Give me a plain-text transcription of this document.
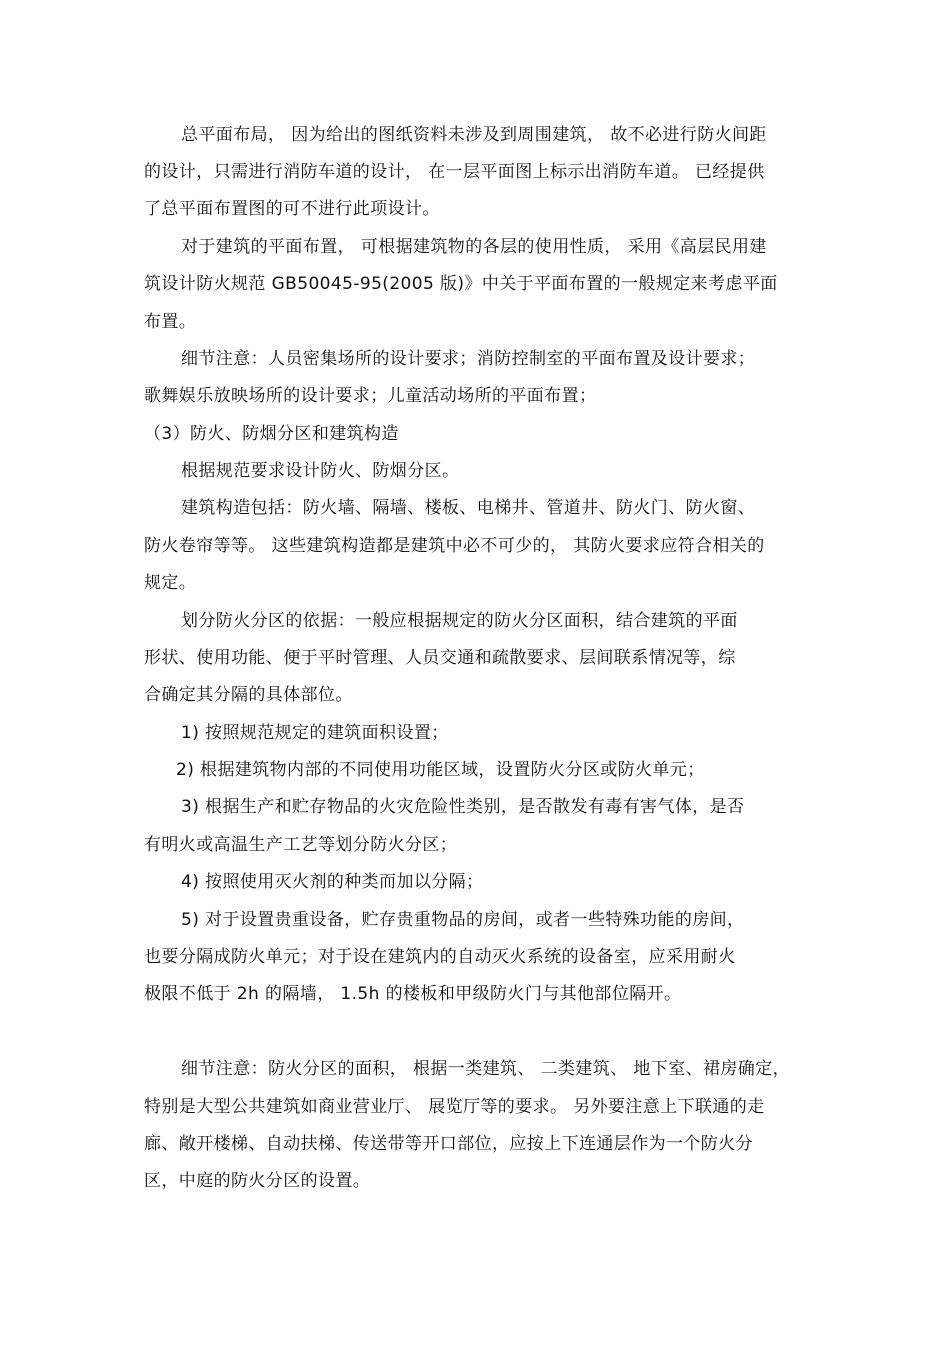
总平面布局， 因为给出的图纸资料未涉及到周围建筑， 故不必进行防火间距
的设计，只需进行消防车道的设计， 在一层平面图上标示出消防车道。 已经提供
了总平面布置图的可不进行此项设计。
对于建筑的平面布置， 可根据建筑物的各层的使用性质， 采用《高层民用建
筑设计防火规范 GB50045-95(2005 版)》中关于平面布置的一般规定来考虑平面
布置。
细节注意：人员密集场所的设计要求；消防控制室的平面布置及设计要求；
歌舞娱乐放映场所的设计要求；儿童活动场所的平面布置；
（3）防火、防烟分区和建筑构造
根据规范要求设计防火、防烟分区。
建筑构造包括：防火墙、隔墙、楼板、电梯井、管道井、防火门、防火窗、
防火卷帘等等。 这些建筑构造都是建筑中必不可少的， 其防火要求应符合相关的
规定。
划分防火分区的依据：一般应根据规定的防火分区面积，结合建筑的平面
形状、使用功能、便于平时管理、人员交通和疏散要求、层间联系情况等，综
合确定其分隔的具体部位。
1) 按照规范规定的建筑面积设置；
2) 根据建筑物内部的不同使用功能区域，设置防火分区或防火单元；
3) 根据生产和贮存物品的火灾危险性类别，是否散发有毒有害气体，是否
有明火或高温生产工艺等划分防火分区；
4) 按照使用灭火剂的种类而加以分隔；
5) 对于设置贵重设备，贮存贵重物品的房间，或者一些特殊功能的房间，
也要分隔成防火单元；对于设在建筑内的自动灭火系统的设备室，应采用耐火
极限不低于 2h 的隔墙， 1.5h 的楼板和甲级防火门与其他部位隔开。
细节注意：防火分区的面积， 根据一类建筑、 二类建筑、 地下室、裙房确定，
特别是大型公共建筑如商业营业厅、 展览厅等的要求。 另外要注意上下联通的走
廊、敞开楼梯、自动扶梯、传送带等开口部位，应按上下连通层作为一个防火分
区，中庭的防火分区的设置。
